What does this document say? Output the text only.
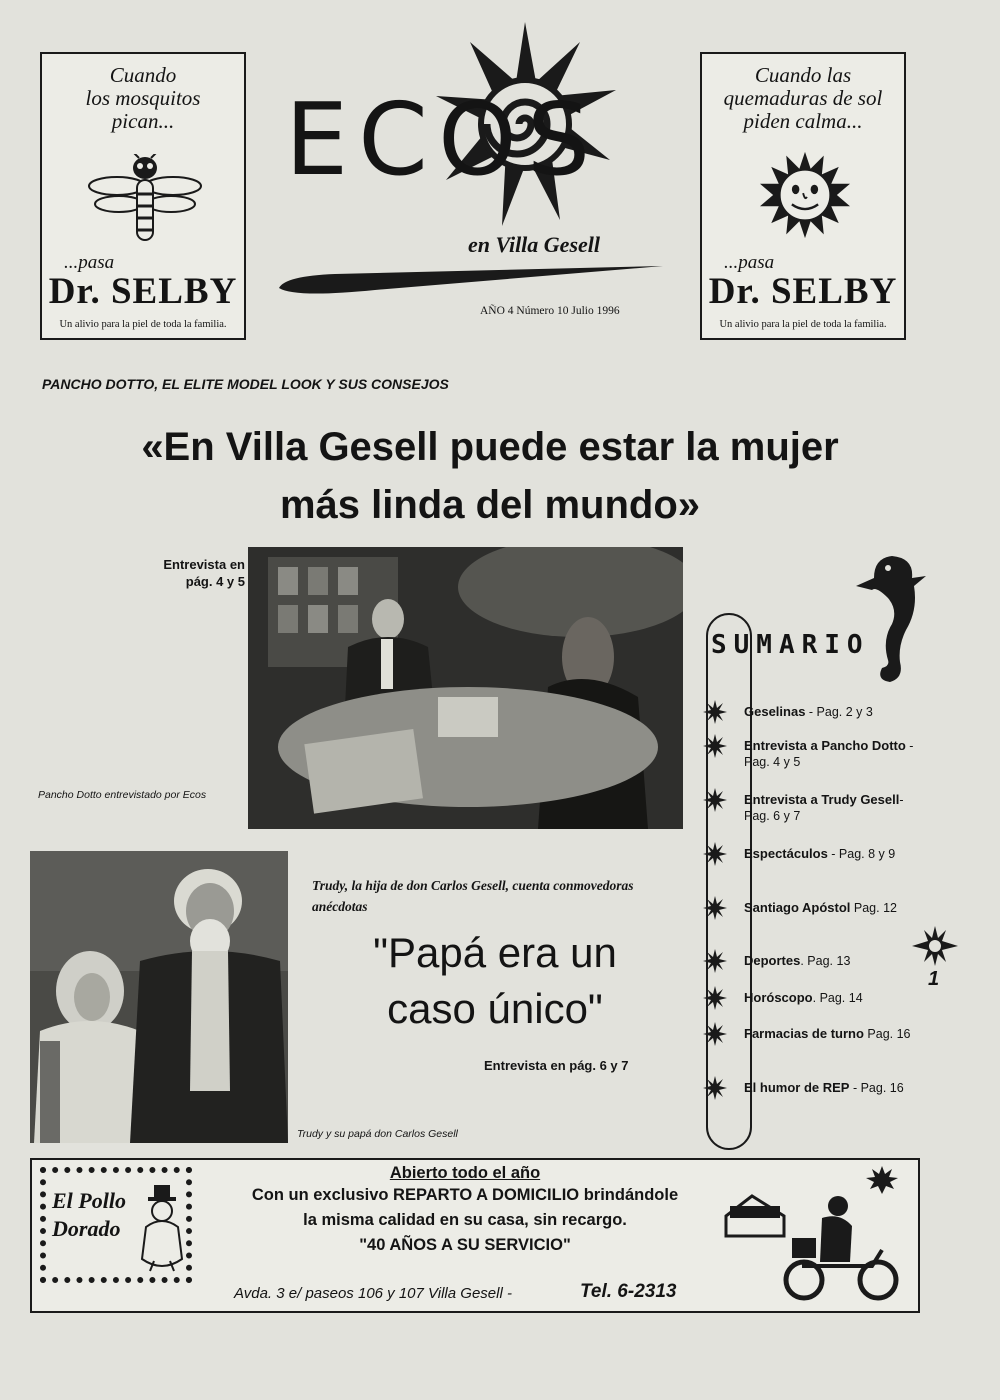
Cuando
los mosquitos
pican...
...pasa
Dr. SELBY
Un alivio para la piel de toda la familia.
Cuando las
quemaduras de sol
piden calma...
...pasa
Dr. SELBY
Un alivio para la piel de toda la familia.
ECOS
en Villa Gesell
AÑO 4 Número 10 Julio 1996
PANCHO DOTTO, EL ELITE MODEL LOOK Y SUS CONSEJOS
«En Villa Gesell puede estar la mujer
más linda del mundo»
Entrevista en
pág. 4 y 5
Pancho Dotto entrevistado por Ecos
SUMARIO
Geselinas - Pag. 2 y 3
Entrevista a Pancho Dotto - Pag. 4 y 5
Entrevista a Trudy Gesell- Pag. 6 y 7
Espectáculos - Pag. 8 y 9
Santiago Apóstol Pag. 12
Deportes. Pag. 13
Horóscopo. Pag. 14
Farmacias de turno Pag. 16
El humor de REP - Pag. 16
1
Trudy y su papá don Carlos Gesell
Trudy, la hija de don Carlos Gesell, cuenta conmovedoras anécdotas
"Papá era un
caso único"
Entrevista en pág. 6 y 7
El Pollo
Dorado
Abierto todo el año
Con un exclusivo REPARTO A DOMICILIO brindándole
la misma calidad en su casa, sin recargo.
"40 AÑOS A SU SERVICIO"
Avda. 3 e/ paseos 106 y 107 Villa Gesell -	Tel. 6-2313
